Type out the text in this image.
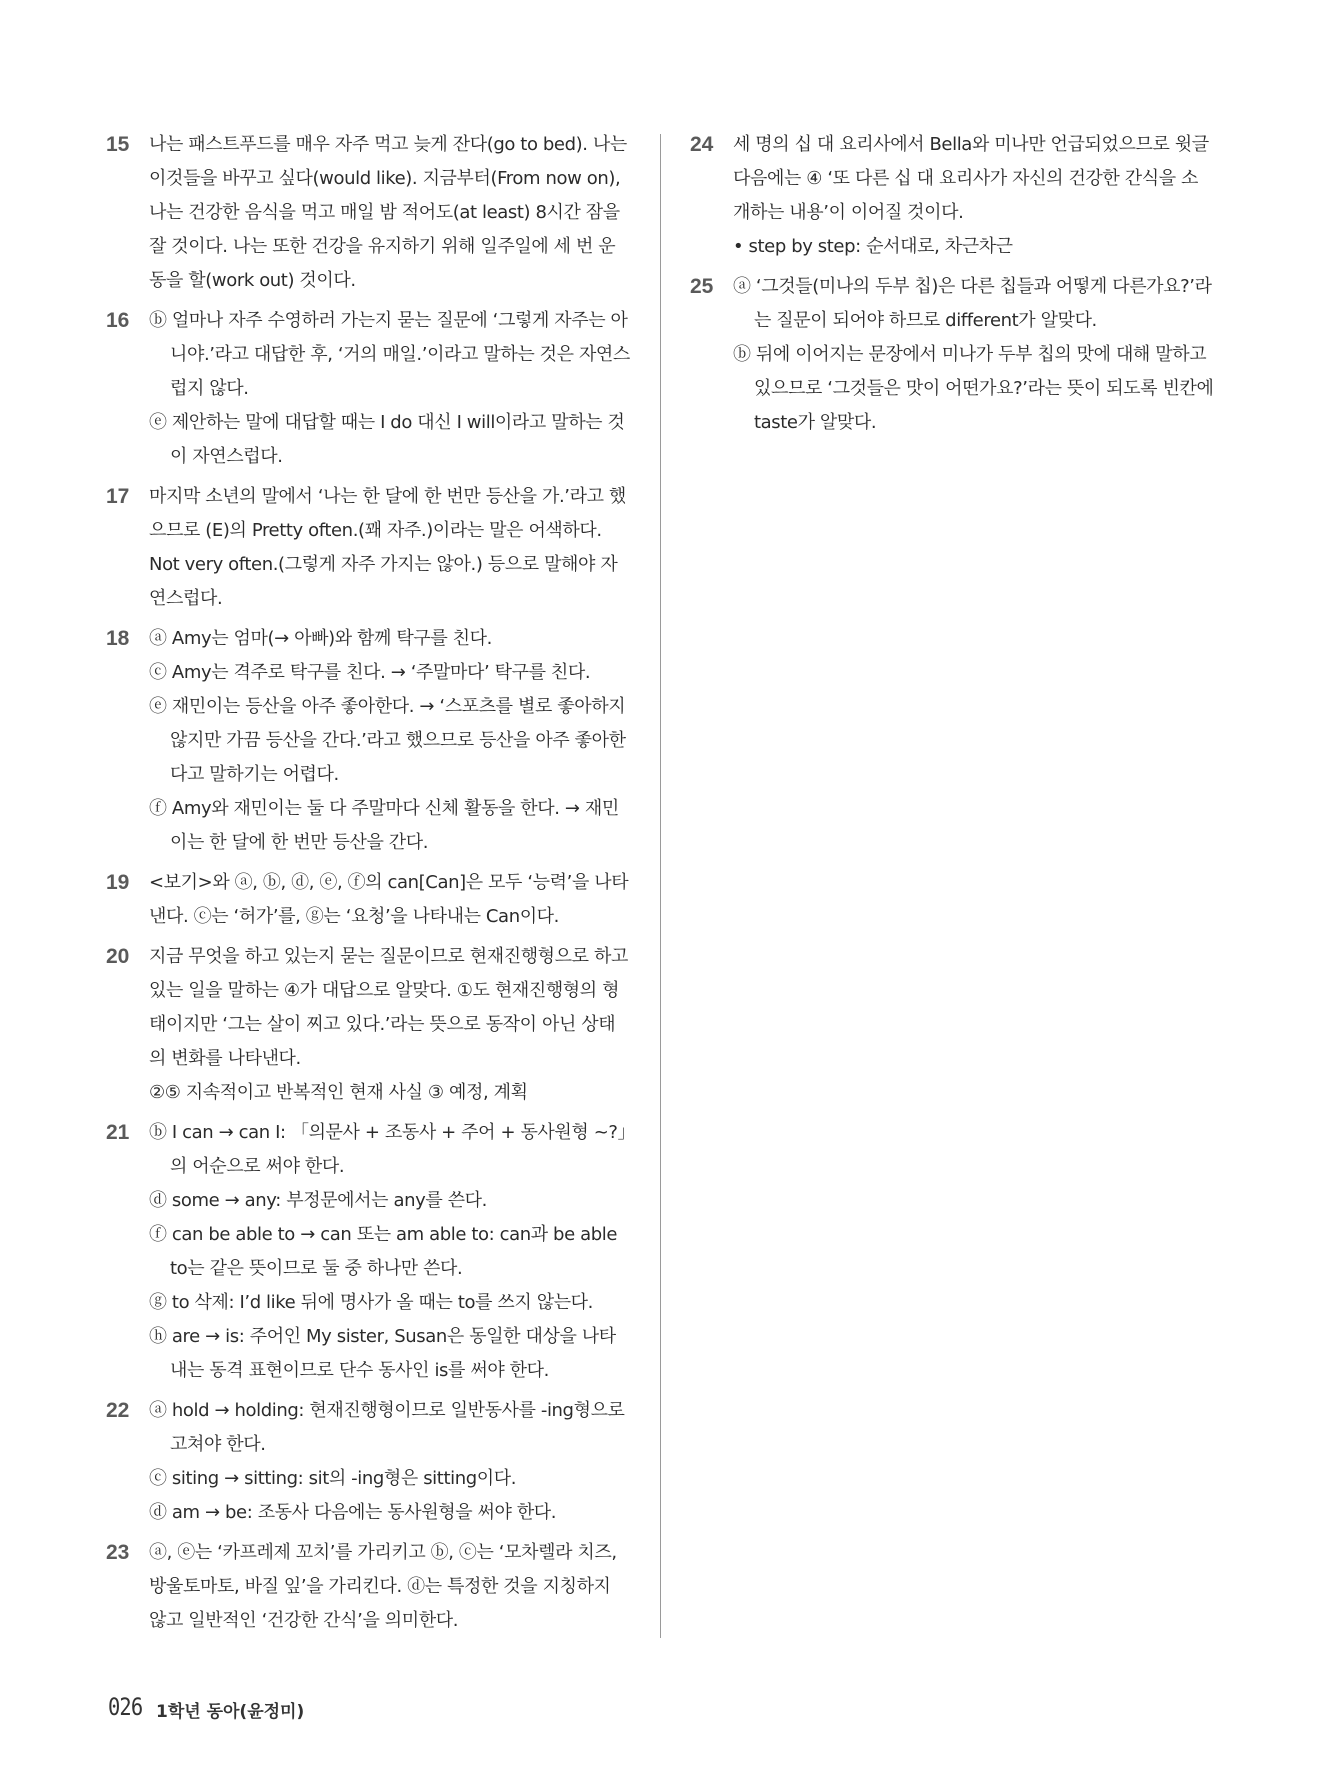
15 나는 패스트푸드를 매우 자주 먹고 늦게 잔다(go to bed). 나는 이것들을 바꾸고 싶다(would like). 지금부터(From now on), 나는 건강한 음식을 먹고 매일 밤 적어도(at least) 8시간 잠을 잘 것이다. 나는 또한 건강을 유지하기 위해 일주일에 세 번 운동을 할(work out) 것이다.

16 ⓑ 얼마나 자주 수영하러 가는지 묻는 질문에 ‘그렇게 자주는 아니야.’라고 대답한 후, ‘거의 매일.’이라고 말하는 것은 자연스럽지 않다.

ⓔ 제안하는 말에 대답할 때는 I do 대신 I will이라고 말하는 것이 자연스럽다.

17 마지막 소년의 말에서 ‘나는 한 달에 한 번만 등산을 가.’라고 했으므로 (E)의 Pretty often.(꽤 자주.)이라는 말은 어색하다. Not very often.(그렇게 자주 가지는 않아.) 등으로 말해야 자연스럽다.

18 ⓐ Amy는 엄마(→ 아빠)와 함께 탁구를 친다.

ⓒ Amy는 격주로 탁구를 친다. → ‘주말마다’ 탁구를 친다.

ⓔ 재민이는 등산을 아주 좋아한다. → ‘스포츠를 별로 좋아하지 않지만 가끔 등산을 간다.’라고 했으므로 등산을 아주 좋아한다고 말하기는 어렵다.

ⓕ Amy와 재민이는 둘 다 주말마다 신체 활동을 한다. → 재민이는 한 달에 한 번만 등산을 간다.

19 <보기>와 ⓐ, ⓑ, ⓓ, ⓔ, ⓕ의 can[Can]은 모두 ‘능력’을 나타낸다. ⓒ는 ‘허가’를, ⓖ는 ‘요청’을 나타내는 Can이다.

20 지금 무엇을 하고 있는지 묻는 질문이므로 현재진행형으로 하고 있는 일을 말하는 ④가 대답으로 알맞다. ①도 현재진행형의 형태이지만 ‘그는 살이 찌고 있다.’라는 뜻으로 동작이 아닌 상태의 변화를 나타낸다.

②⑤ 지속적이고 반복적인 현재 사실 ③ 예정, 계획

21 ⓑ I can → can I: 「의문사 + 조동사 + 주어 + 동사원형 ~?」의 어순으로 써야 한다.

ⓓ some → any: 부정문에서는 any를 쓴다.

ⓕ can be able to → can 또는 am able to: can과 be able to는 같은 뜻이므로 둘 중 하나만 쓴다.

ⓖ to 삭제: I’d like 뒤에 명사가 올 때는 to를 쓰지 않는다.

ⓗ are → is: 주어인 My sister, Susan은 동일한 대상을 나타내는 동격 표현이므로 단수 동사인 is를 써야 한다.

22 ⓐ hold → holding: 현재진행형이므로 일반동사를 -ing형으로 고쳐야 한다.

ⓒ siting → sitting: sit의 -ing형은 sitting이다.

ⓓ am → be: 조동사 다음에는 동사원형을 써야 한다.

23 ⓐ, ⓔ는 ‘카프레제 꼬치’를 가리키고 ⓑ, ⓒ는 ‘모차렐라 치즈, 방울토마토, 바질 잎’을 가리킨다. ⓓ는 특정한 것을 지칭하지 않고 일반적인 ‘건강한 간식’을 의미한다.

24 세 명의 십 대 요리사에서 Bella와 미나만 언급되었으므로 윗글 다음에는 ④ ‘또 다른 십 대 요리사가 자신의 건강한 간식을 소개하는 내용’이 이어질 것이다.

• step by step: 순서대로, 차근차근

25 ⓐ ‘그것들(미나의 두부 칩)은 다른 칩들과 어떻게 다른가요?’라는 질문이 되어야 하므로 different가 알맞다.

ⓑ 뒤에 이어지는 문장에서 미나가 두부 칩의 맛에 대해 말하고 있으므로 ‘그것들은 맛이 어떤가요?’라는 뜻이 되도록 빈칸에 taste가 알맞다.

026 1학년 동아(윤정미)
